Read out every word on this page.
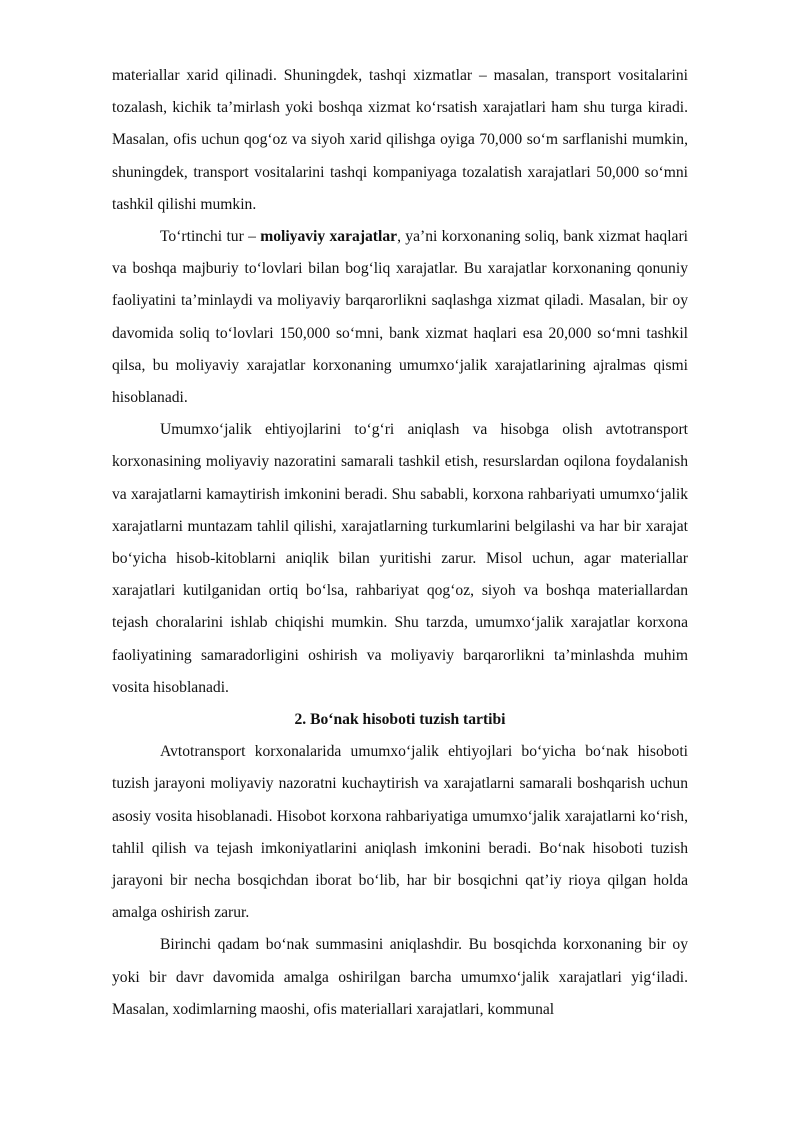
materiallar xarid qilinadi. Shuningdek, tashqi xizmatlar – masalan, transport vositalarini tozalash, kichik ta’mirlash yoki boshqa xizmat ko‘rsatish xarajatlari ham shu turga kiradi. Masalan, ofis uchun qog‘oz va siyoh xarid qilishga oyiga 70,000 so‘m sarflanishi mumkin, shuningdek, transport vositalarini tashqi kompaniyaga tozalatish xarajatlari 50,000 so‘mni tashkil qilishi mumkin.

To‘rtinchi tur – moliyaviy xarajatlar, ya’ni korxonaning soliq, bank xizmat haqlari va boshqa majburiy to‘lovlari bilan bog‘liq xarajatlar. Bu xarajatlar korxonaning qonuniy faoliyatini ta’minlaydi va moliyaviy barqarorlikni saqlashga xizmat qiladi. Masalan, bir oy davomida soliq to‘lovlari 150,000 so‘mni, bank xizmat haqlari esa 20,000 so‘mni tashkil qilsa, bu moliyaviy xarajatlar korxonaning umumxo‘jalik xarajatlarining ajralmas qismi hisoblanadi.

Umumxo‘jalik ehtiyojlarini to‘g‘ri aniqlash va hisobga olish avtotransport korxonasining moliyaviy nazoratini samarali tashkil etish, resurslardan oqilona foydalanish va xarajatlarni kamaytirish imkonini beradi. Shu sababli, korxona rahbariyati umumxo‘jalik xarajatlarni muntazam tahlil qilishi, xarajatlarning turkumlarini belgilashi va har bir xarajat bo‘yicha hisob-kitoblarni aniqlik bilan yuritishi zarur. Misol uchun, agar materiallar xarajatlari kutilganidan ortiq bo‘lsa, rahbariyat qog‘oz, siyoh va boshqa materiallardan tejash choralarini ishlab chiqishi mumkin. Shu tarzda, umumxo‘jalik xarajatlar korxona faoliyatining samaradorligini oshirish va moliyaviy barqarorlikni ta’minlashda muhim vosita hisoblanadi.

2. Bo‘nak hisoboti tuzish tartibi

Avtotransport korxonalarida umumxo‘jalik ehtiyojlari bo‘yicha bo‘nak hisoboti tuzish jarayoni moliyaviy nazoratni kuchaytirish va xarajatlarni samarali boshqarish uchun asosiy vosita hisoblanadi. Hisobot korxona rahbariyatiga umumxo‘jalik xarajatlarni ko‘rish, tahlil qilish va tejash imkoniyatlarini aniqlash imkonini beradi. Bo‘nak hisoboti tuzish jarayoni bir necha bosqichdan iborat bo‘lib, har bir bosqichni qat’iy rioya qilgan holda amalga oshirish zarur.

Birinchi qadam bo‘nak summasini aniqlashdir. Bu bosqichda korxonaning bir oy yoki bir davr davomida amalga oshirilgan barcha umumxo‘jalik xarajatlari yig‘iladi. Masalan, xodimlarning maoshi, ofis materiallari xarajatlari, kommunal
